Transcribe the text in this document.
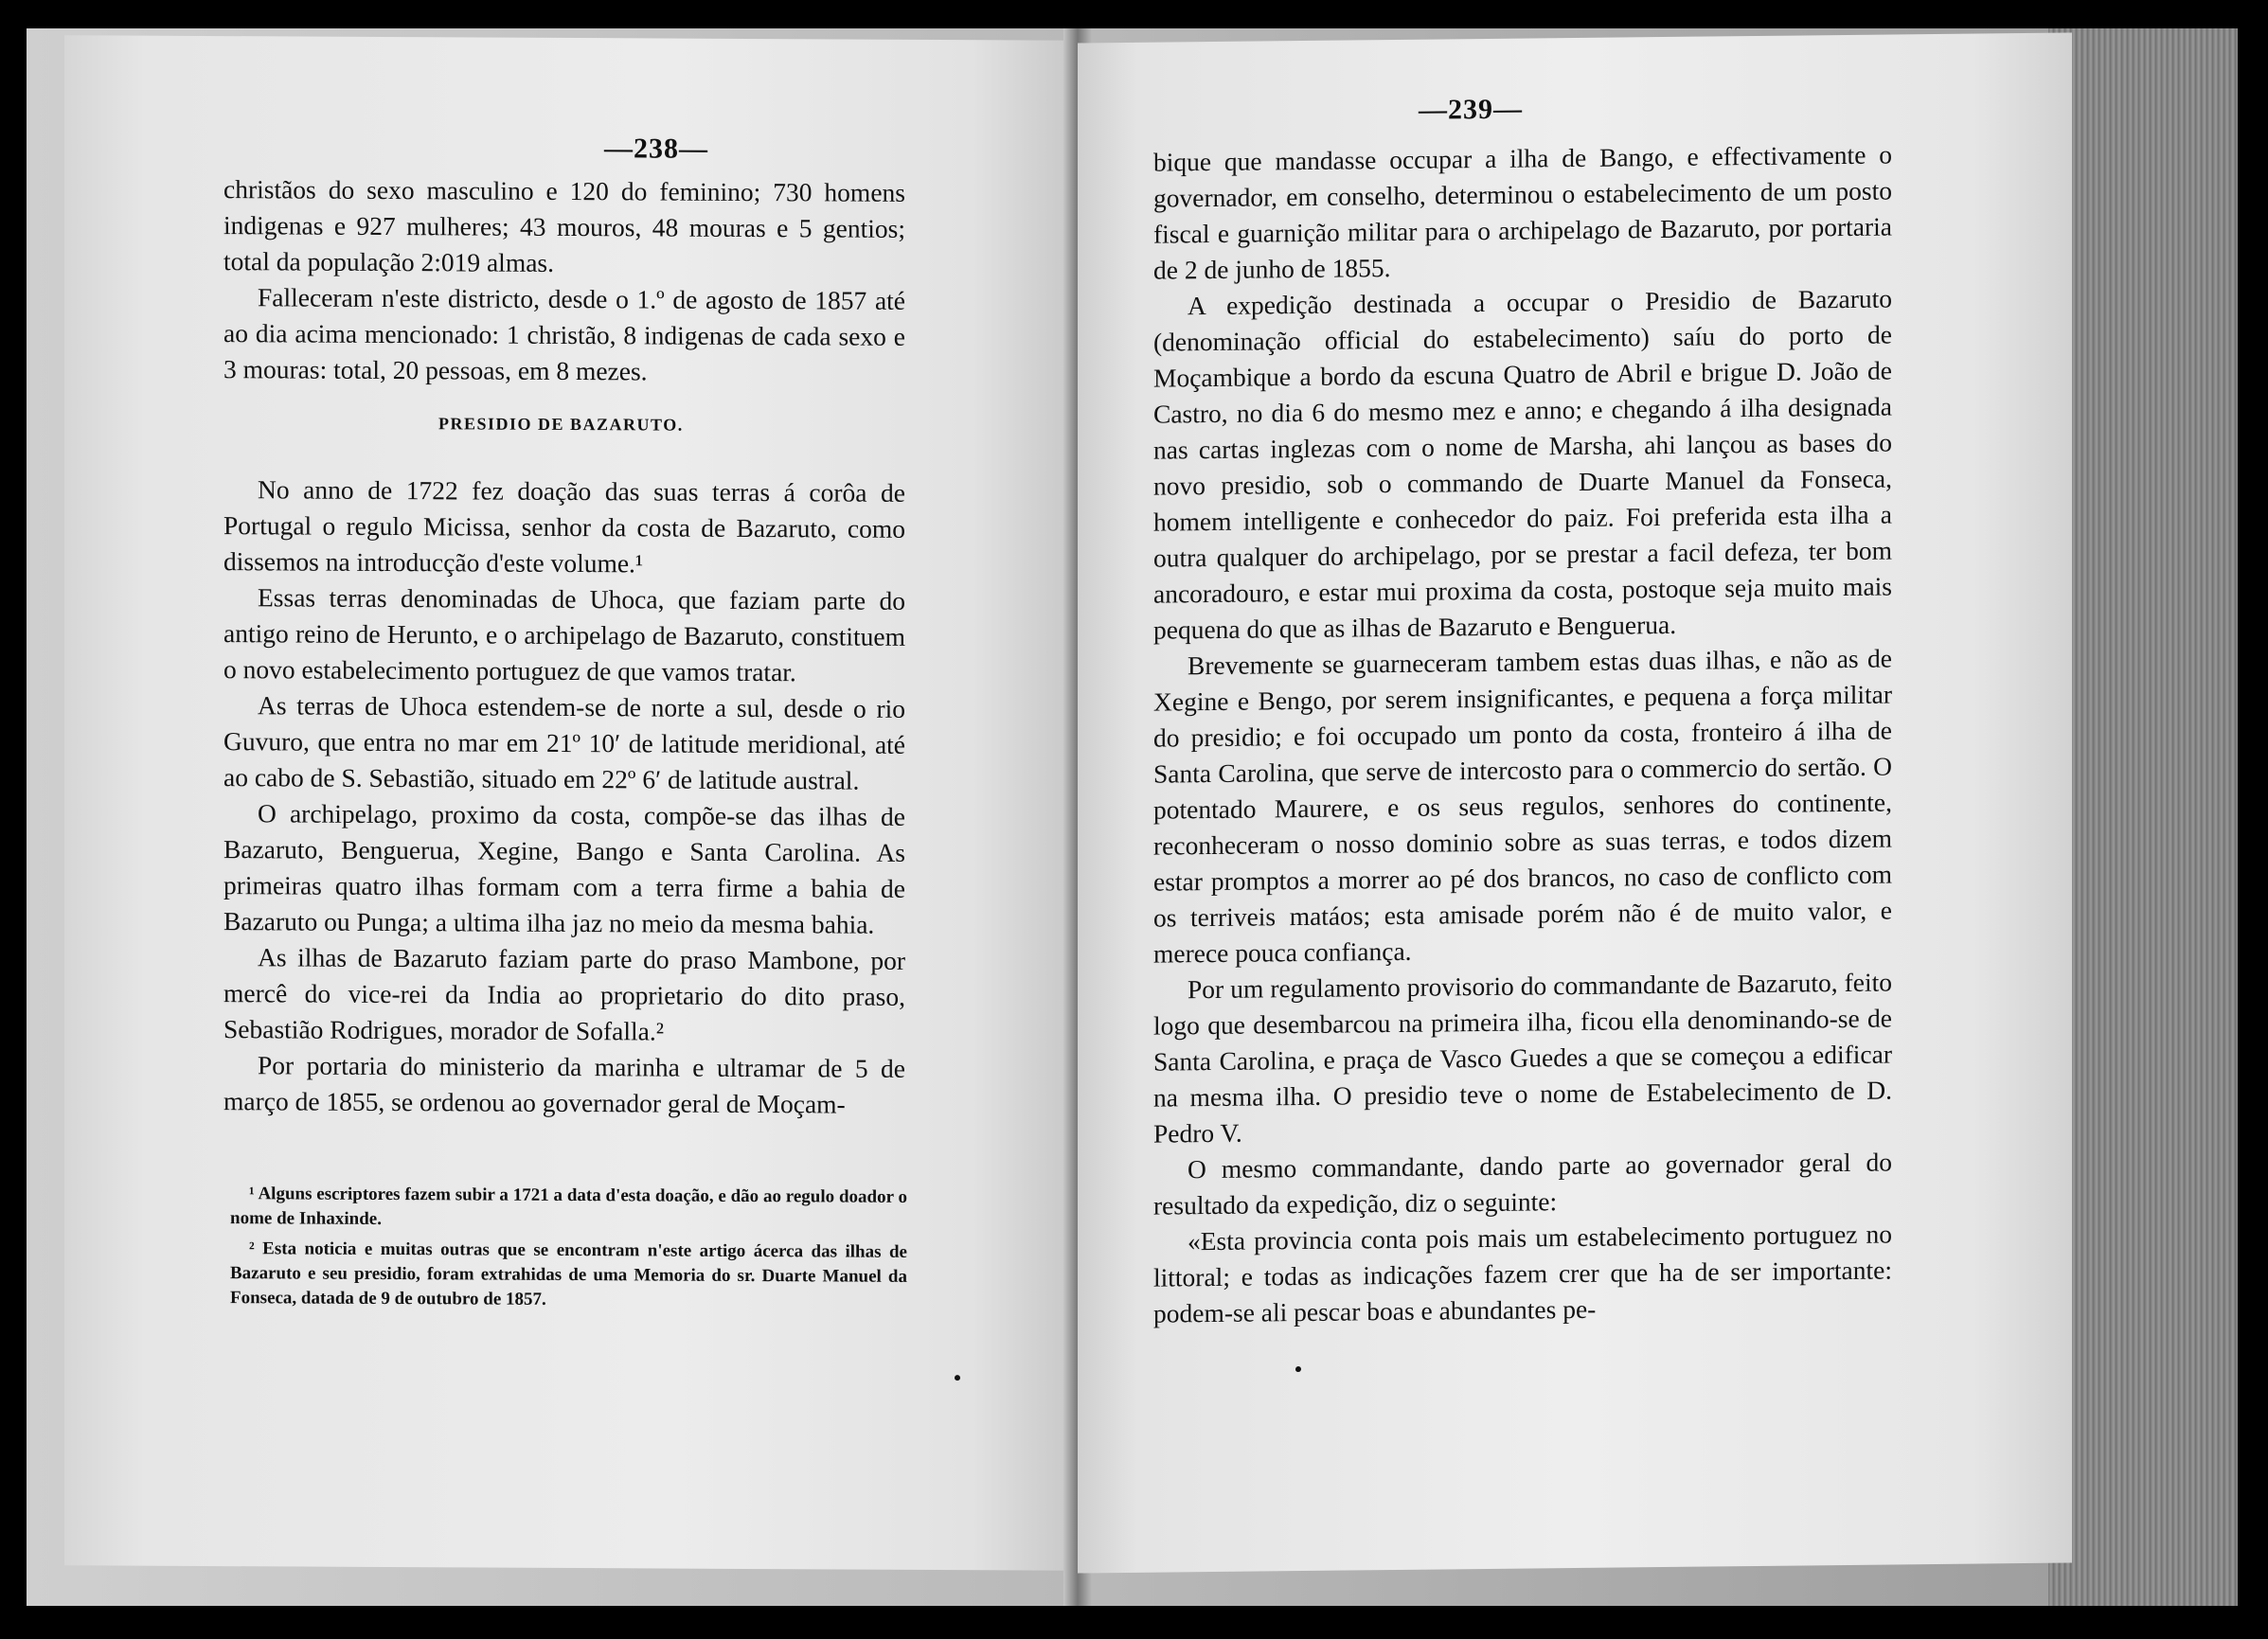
—238—

christãos do sexo masculino e 120 do feminino; 730 homens indigenas e 927 mulheres; 43 mouros, 48 mouras e 5 gentios; total da população 2:019 almas.

Falleceram n'este districto, desde o 1.º de agosto de 1857 até ao dia acima mencionado: 1 christão, 8 indigenas de cada sexo e 3 mouras: total, 20 pessoas, em 8 mezes.

PRESIDIO DE BAZARUTO.

No anno de 1722 fez doação das suas terras á corôa de Portugal o regulo Micissa, senhor da costa de Bazaruto, como dissemos na introducção d'este volume.¹

Essas terras denominadas de Uhoca, que faziam parte do antigo reino de Herunto, e o archipelago de Bazaruto, constituem o novo estabelecimento portuguez de que vamos tratar.

As terras de Uhoca estendem-se de norte a sul, desde o rio Guvuro, que entra no mar em 21º 10′ de latitude meridional, até ao cabo de S. Sebastião, situado em 22º 6′ de latitude austral.

O archipelago, proximo da costa, compõe-se das ilhas de Bazaruto, Benguerua, Xegine, Bango e Santa Carolina. As primeiras quatro ilhas formam com a terra firme a bahia de Bazaruto ou Punga; a ultima ilha jaz no meio da mesma bahia.

As ilhas de Bazaruto faziam parte do praso Mambone, por mercê do vice-rei da India ao proprietario do dito praso, Sebastião Rodrigues, morador de Sofalla.²

Por portaria do ministerio da marinha e ultramar de 5 de março de 1855, se ordenou ao governador geral de Moçam-

¹ Alguns escriptores fazem subir a 1721 a data d'esta doação, e dão ao regulo doador o nome de Inhaxinde.

² Esta noticia e muitas outras que se encontram n'este artigo ácerca das ilhas de Bazaruto e seu presidio, foram extrahidas de uma Memoria do sr. Duarte Manuel da Fonseca, datada de 9 de outubro de 1857.

—239—

bique que mandasse occupar a ilha de Bango, e effectivamente o governador, em conselho, determinou o estabelecimento de um posto fiscal e guarnição militar para o archipelago de Bazaruto, por portaria de 2 de junho de 1855.

A expedição destinada a occupar o Presidio de Bazaruto (denominação official do estabelecimento) saíu do porto de Moçambique a bordo da escuna Quatro de Abril e brigue D. João de Castro, no dia 6 do mesmo mez e anno; e chegando á ilha designada nas cartas inglezas com o nome de Marsha, ahi lançou as bases do novo presidio, sob o commando de Duarte Manuel da Fonseca, homem intelligente e conhecedor do paiz. Foi preferida esta ilha a outra qualquer do archipelago, por se prestar a facil defeza, ter bom ancoradouro, e estar mui proxima da costa, postoque seja muito mais pequena do que as ilhas de Bazaruto e Benguerua.

Brevemente se guarneceram tambem estas duas ilhas, e não as de Xegine e Bengo, por serem insignificantes, e pequena a força militar do presidio; e foi occupado um ponto da costa, fronteiro á ilha de Santa Carolina, que serve de intercosto para o commercio do sertão. O potentado Maurere, e os seus regulos, senhores do continente, reconheceram o nosso dominio sobre as suas terras, e todos dizem estar promptos a morrer ao pé dos brancos, no caso de conflicto com os terriveis matáos; esta amisade porém não é de muito valor, e merece pouca confiança.

Por um regulamento provisorio do commandante de Bazaruto, feito logo que desembarcou na primeira ilha, ficou ella denominando-se de Santa Carolina, e praça de Vasco Guedes a que se começou a edificar na mesma ilha. O presidio teve o nome de Estabelecimento de D. Pedro V.

O mesmo commandante, dando parte ao governador geral do resultado da expedição, diz o seguinte:

«Esta provincia conta pois mais um estabelecimento portuguez no littoral; e todas as indicações fazem crer que ha de ser importante: podem-se ali pescar boas e abundantes pe-
